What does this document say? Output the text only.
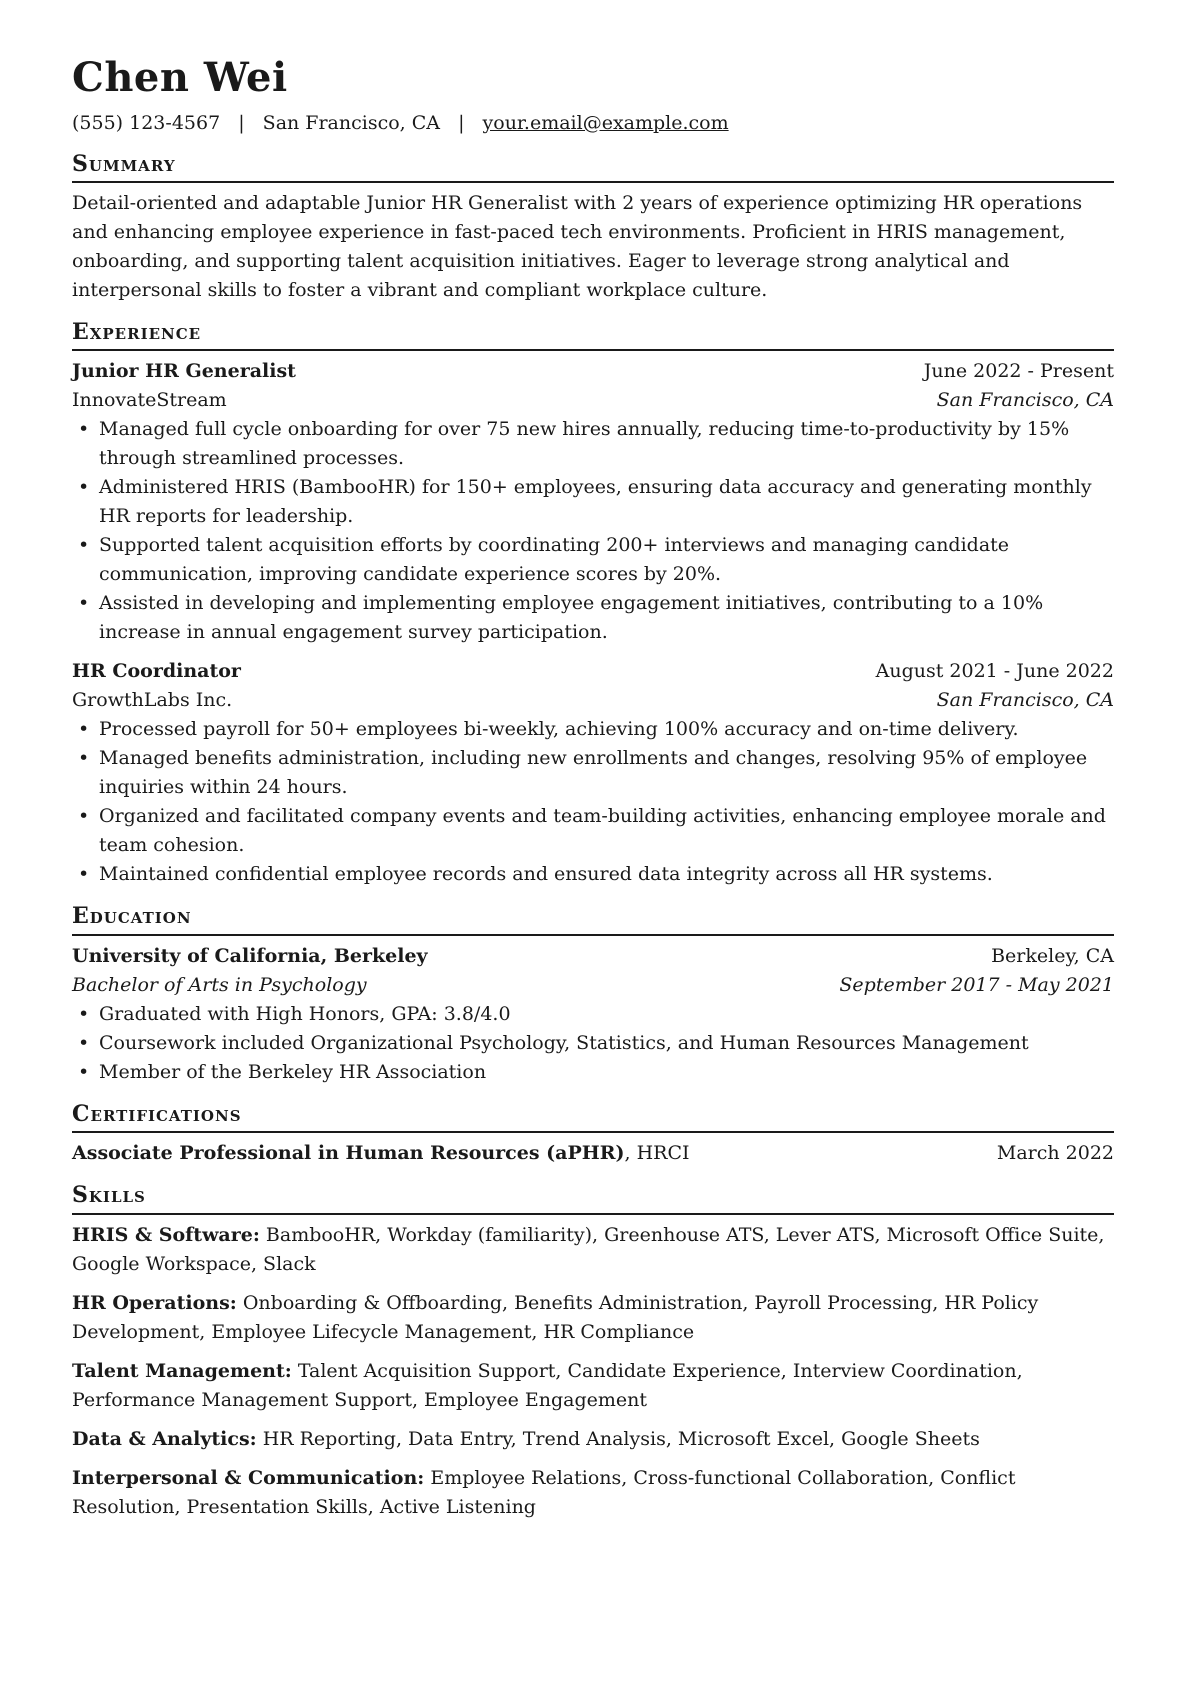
Chen Wei
(555) 123-4567 | San Francisco, CA | your.email@example.com
Summary

Detail-oriented and adaptable Junior HR Generalist with 2 years of experience optimizing HR operations and enhancing employee experience in fast-paced tech environments. Proficient in HRIS management, onboarding, and supporting talent acquisition initiatives. Eager to leverage strong analytical and interpersonal skills to foster a vibrant and compliant workplace culture.

Experience
Junior HR Generalist	June 2022 - Present
InnovateStream	San Francisco, CA
• Managed full cycle onboarding for over 75 new hires annually, reducing time-to-productivity by 15% through streamlined processes.
• Administered HRIS (BambooHR) for 150+ employees, ensuring data accuracy and generating monthly HR reports for leadership.
• Supported talent acquisition efforts by coordinating 200+ interviews and managing candidate communication, improving candidate experience scores by 20%.
• Assisted in developing and implementing employee engagement initiatives, contributing to a 10% increase in annual engagement survey participation.
HR Coordinator	August 2021 - June 2022
GrowthLabs Inc.	San Francisco, CA
• Processed payroll for 50+ employees bi-weekly, achieving 100% accuracy and on-time delivery.
• Managed benefits administration, including new enrollments and changes, resolving 95% of employee inquiries within 24 hours.
• Organized and facilitated company events and team-building activities, enhancing employee morale and team cohesion.
• Maintained confidential employee records and ensured data integrity across all HR systems.
Education
University of California, Berkeley	Berkeley, CA
Bachelor of Arts in Psychology	September 2017 - May 2021
• Graduated with High Honors, GPA: 3.8/4.0
• Coursework included Organizational Psychology, Statistics, and Human Resources Management
• Member of the Berkeley HR Association
Certifications
Associate Professional in Human Resources (aPHR), HRCI	March 2022
Skills
HRIS & Software: BambooHR, Workday (familiarity), Greenhouse ATS, Lever ATS, Microsoft Office Suite, Google Workspace, Slack
HR Operations: Onboarding & Offboarding, Benefits Administration, Payroll Processing, HR Policy Development, Employee Lifecycle Management, HR Compliance
Talent Management: Talent Acquisition Support, Candidate Experience, Interview Coordination, Performance Management Support, Employee Engagement
Data & Analytics: HR Reporting, Data Entry, Trend Analysis, Microsoft Excel, Google Sheets
Interpersonal & Communication: Employee Relations, Cross-functional Collaboration, Conflict Resolution, Presentation Skills, Active Listening
